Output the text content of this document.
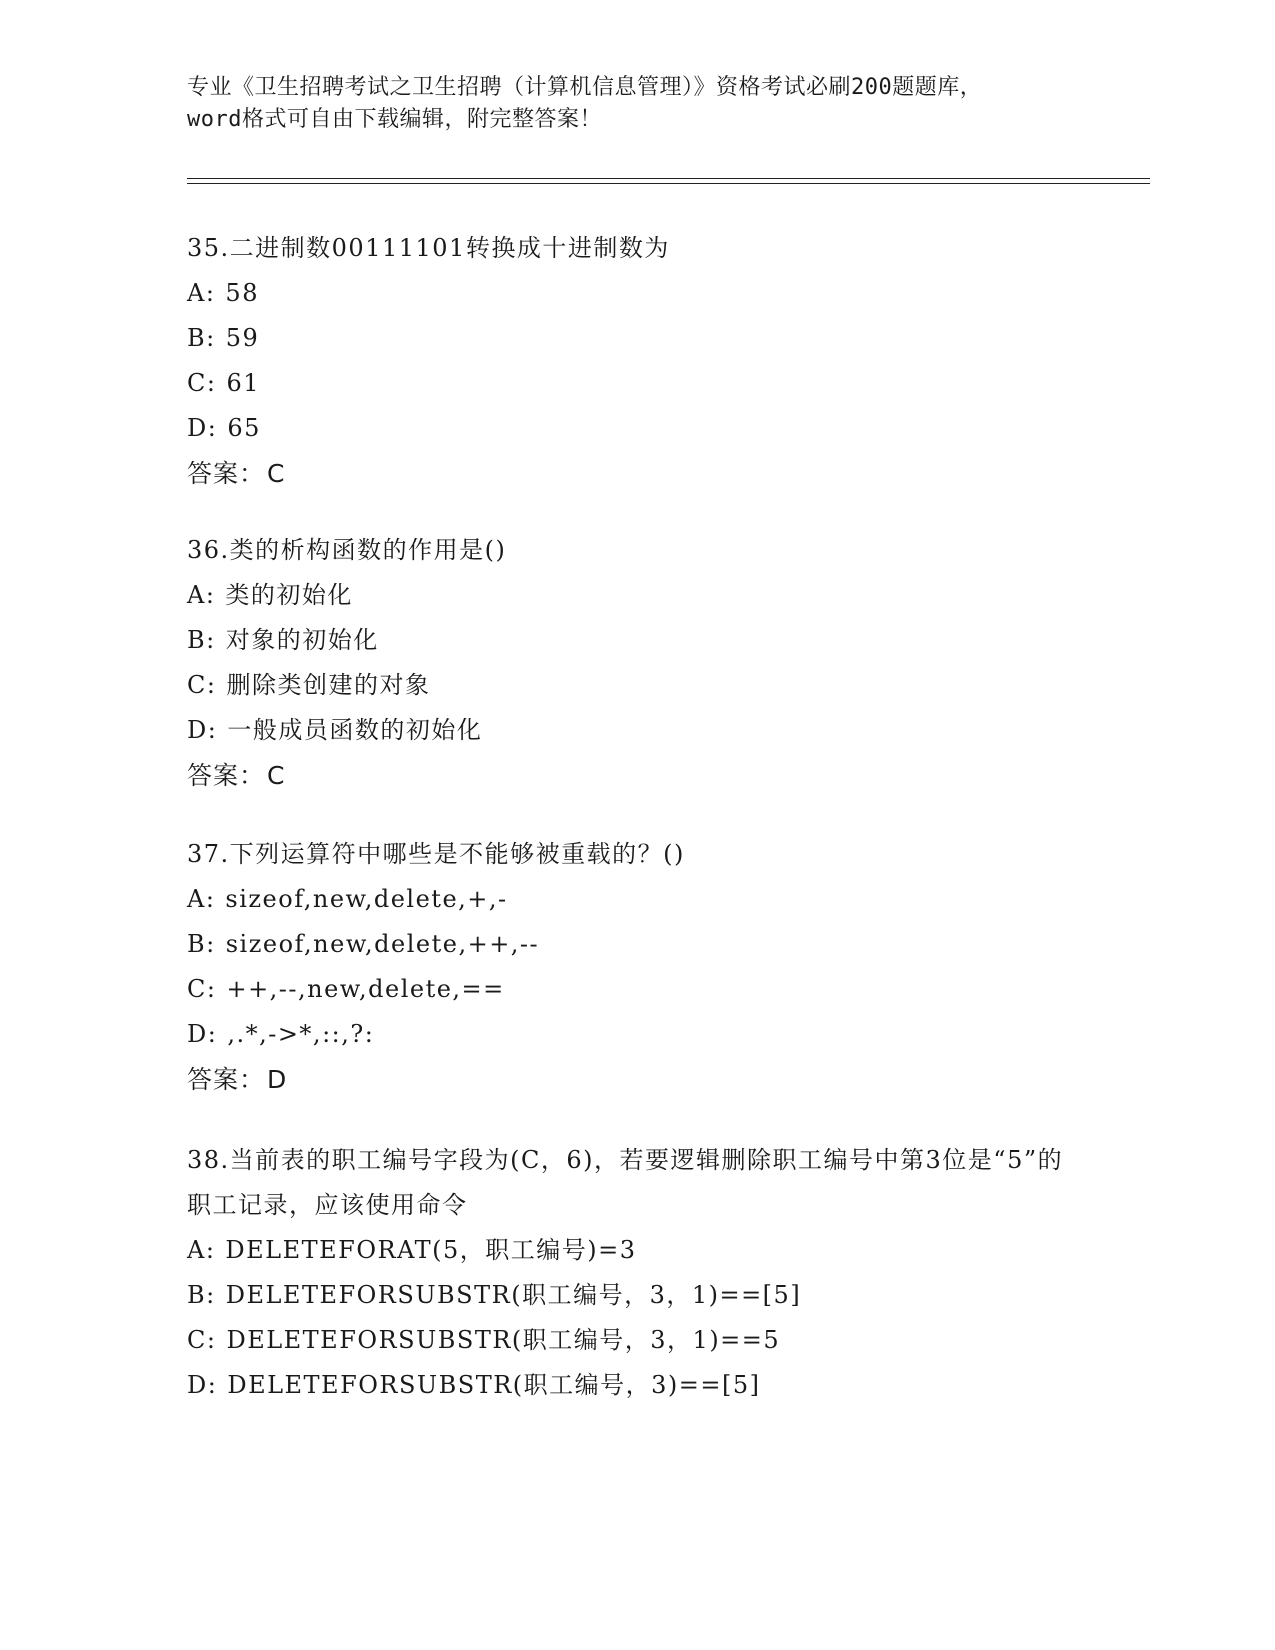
专业《卫生招聘考试之卫生招聘（计算机信息管理）》资格考试必刷200题题库，
word格式可自由下载编辑，附完整答案！
35.二进制数00111101转换成十进制数为
A: 58
B: 59
C: 61
D: 65
答案：C
36.类的析构函数的作用是()
A: 类的初始化
B: 对象的初始化
C: 删除类创建的对象
D: 一般成员函数的初始化
答案：C
37.下列运算符中哪些是不能够被重载的？()
A: sizeof,new,delete,+,-
B: sizeof,new,delete,++,--
C: ++,--,new,delete,==
D: ,.*,->*,::,?:
答案：D
38.当前表的职工编号字段为(C，6)，若要逻辑删除职工编号中第3位是“5”的职工记录，应该使用命令
A: DELETEFORAT(5，职工编号)=3
B: DELETEFORSUBSTR(职工编号，3，1)==[5]
C: DELETEFORSUBSTR(职工编号，3，1)==5
D: DELETEFORSUBSTR(职工编号，3)==[5]
